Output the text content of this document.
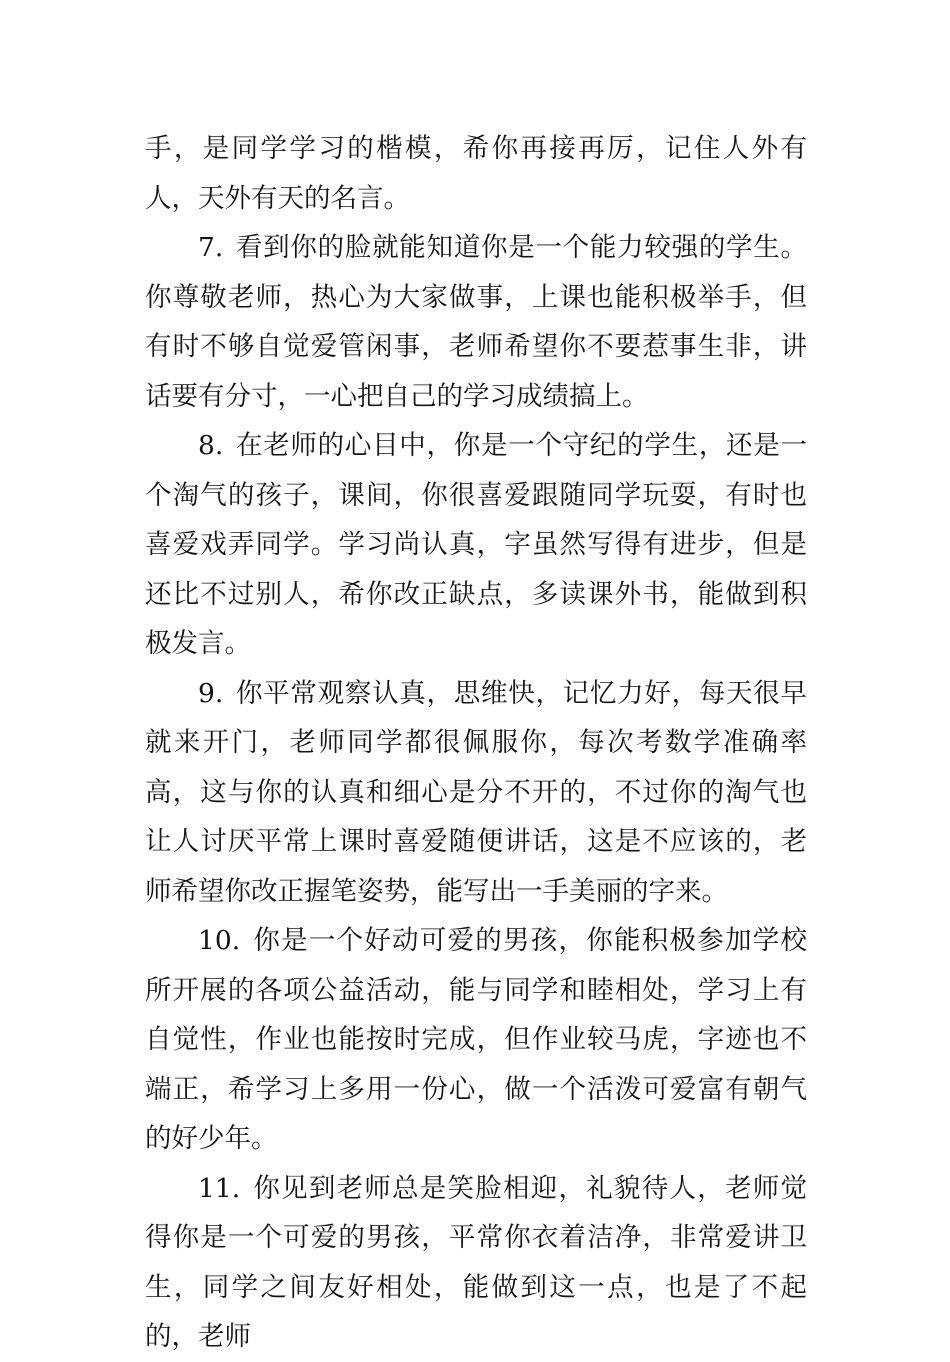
手，是同学学习的楷模，希你再接再厉，记住人外有人，天外有天的名言。

7. 看到你的脸就能知道你是一个能力较强的学生。你尊敬老师，热心为大家做事，上课也能积极举手，但有时不够自觉爱管闲事，老师希望你不要惹事生非，讲话要有分寸，一心把自己的学习成绩搞上。

8. 在老师的心目中，你是一个守纪的学生，还是一个淘气的孩子，课间，你很喜爱跟随同学玩耍，有时也喜爱戏弄同学。学习尚认真，字虽然写得有进步，但是还比不过别人，希你改正缺点，多读课外书，能做到积极发言。

9. 你平常观察认真，思维快，记忆力好，每天很早就来开门，老师同学都很佩服你，每次考数学准确率高，这与你的认真和细心是分不开的，不过你的淘气也让人讨厌平常上课时喜爱随便讲话，这是不应该的，老师希望你改正握笔姿势，能写出一手美丽的字来。

10. 你是一个好动可爱的男孩，你能积极参加学校所开展的各项公益活动，能与同学和睦相处，学习上有自觉性，作业也能按时完成，但作业较马虎，字迹也不端正，希学习上多用一份心，做一个活泼可爱富有朝气的好少年。

11. 你见到老师总是笑脸相迎，礼貌待人，老师觉得你是一个可爱的男孩，平常你衣着洁净，非常爱讲卫生，同学之间友好相处，能做到这一点，也是了不起的，老师
